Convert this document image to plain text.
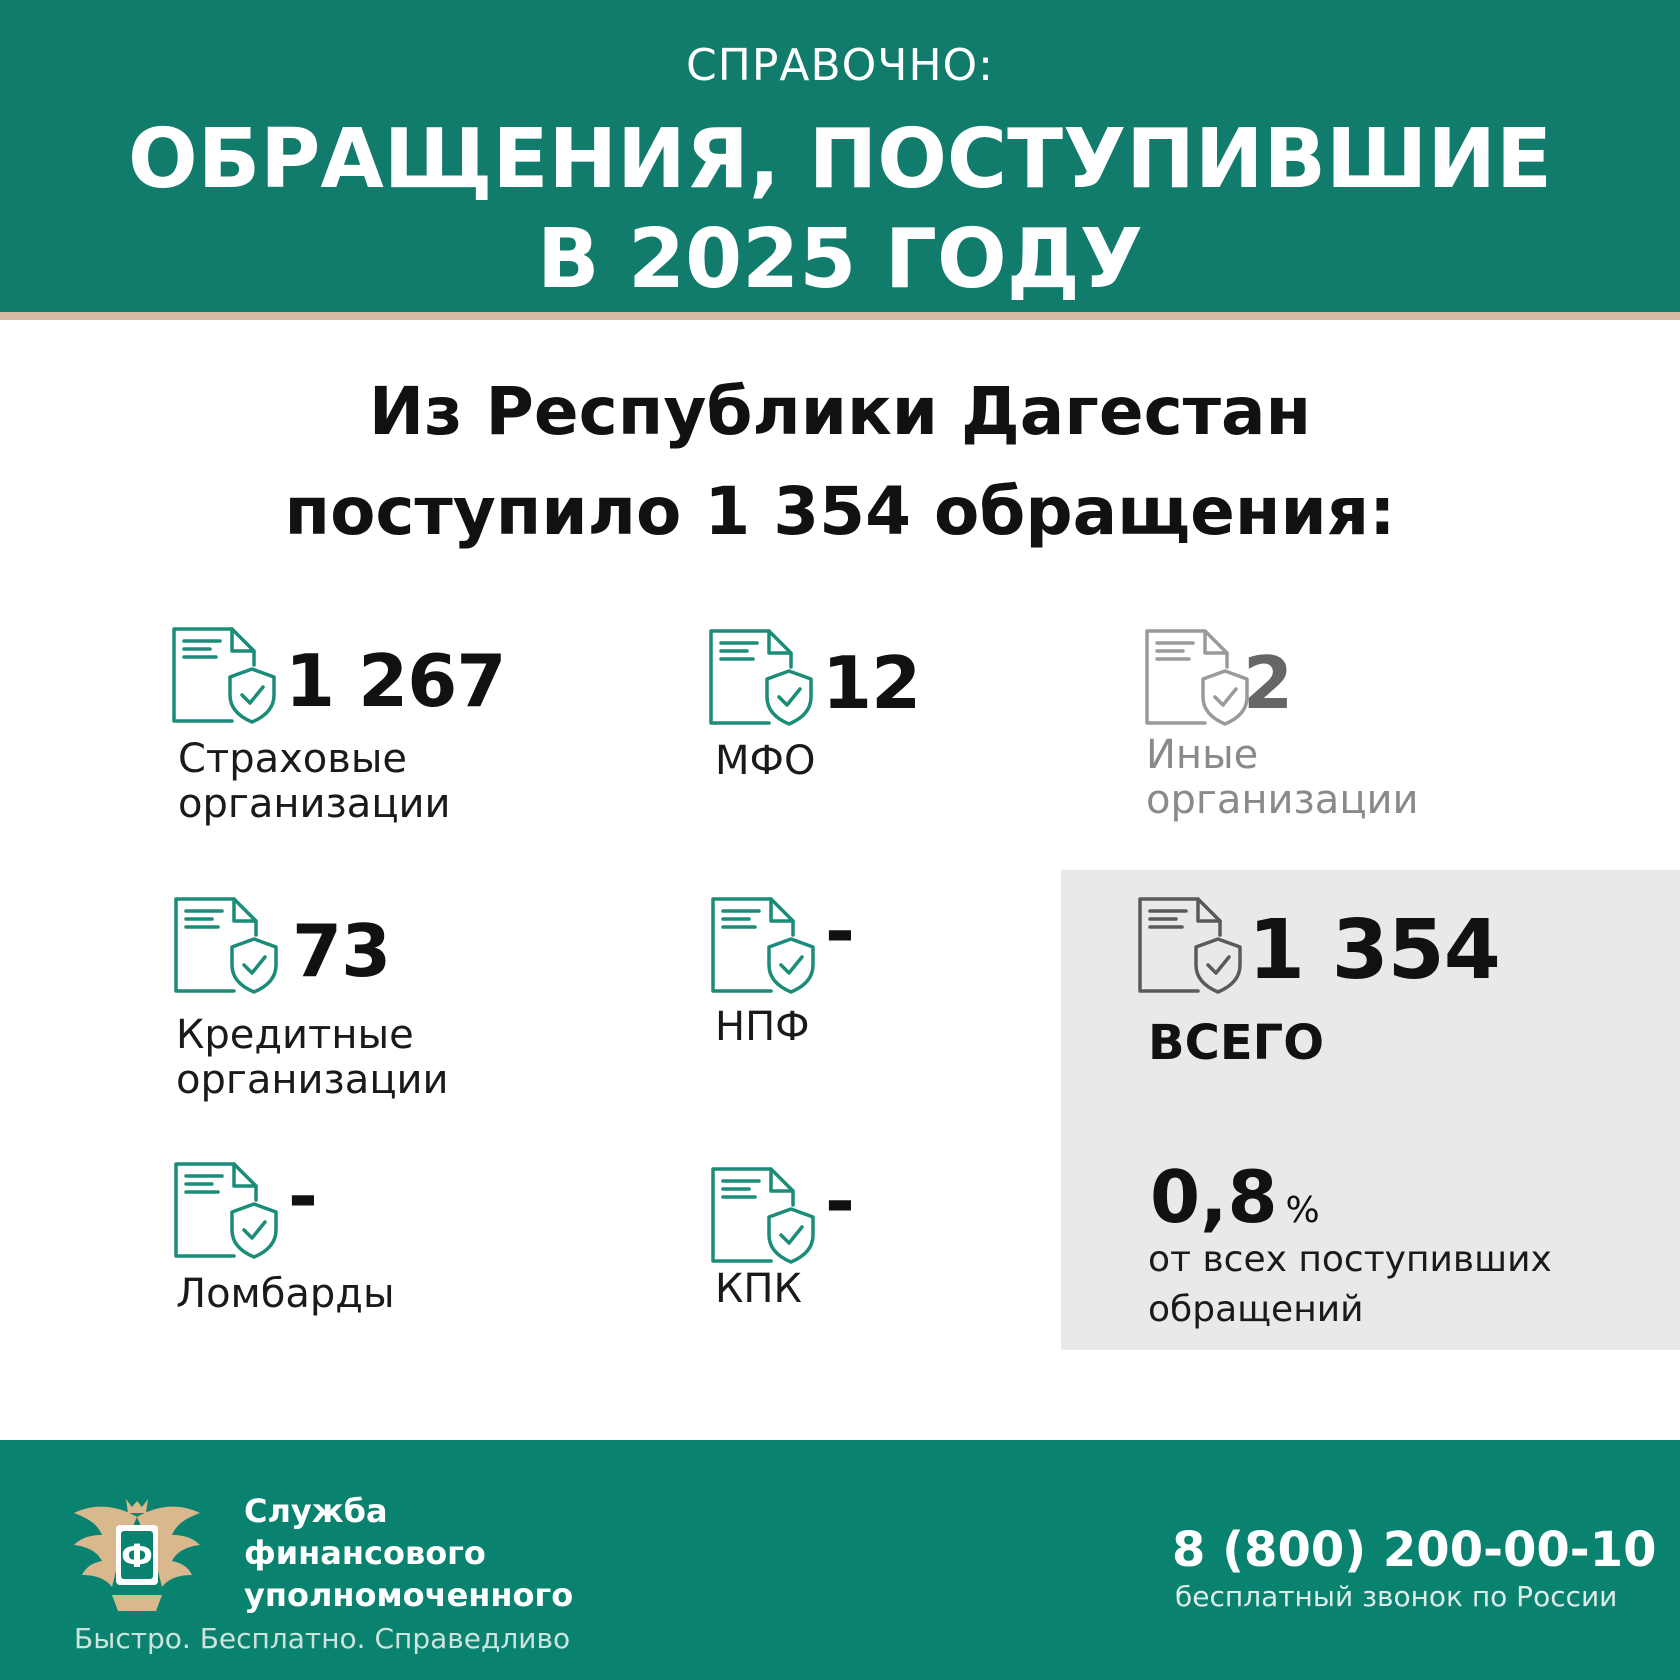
СПРАВОЧНО:
ОБРАЩЕНИЯ, ПОСТУПИВШИЕ
В 2025 ГОДУ
Из Республики Дагестан
поступило 1 354 обращения:
1 267
Страховые
организации
12
МФО
2
Иные
организации
73
Кредитные
организации
-
НПФ
-
Ломбарды
-
КПК
1 354
ВСЕГО
0,8 %
от всех поступивших
обращений
Ф
Служба
финансового
уполномоченного
Быстро. Бесплатно. Справедливо
8 (800) 200-00-10
бесплатный звонок по России
